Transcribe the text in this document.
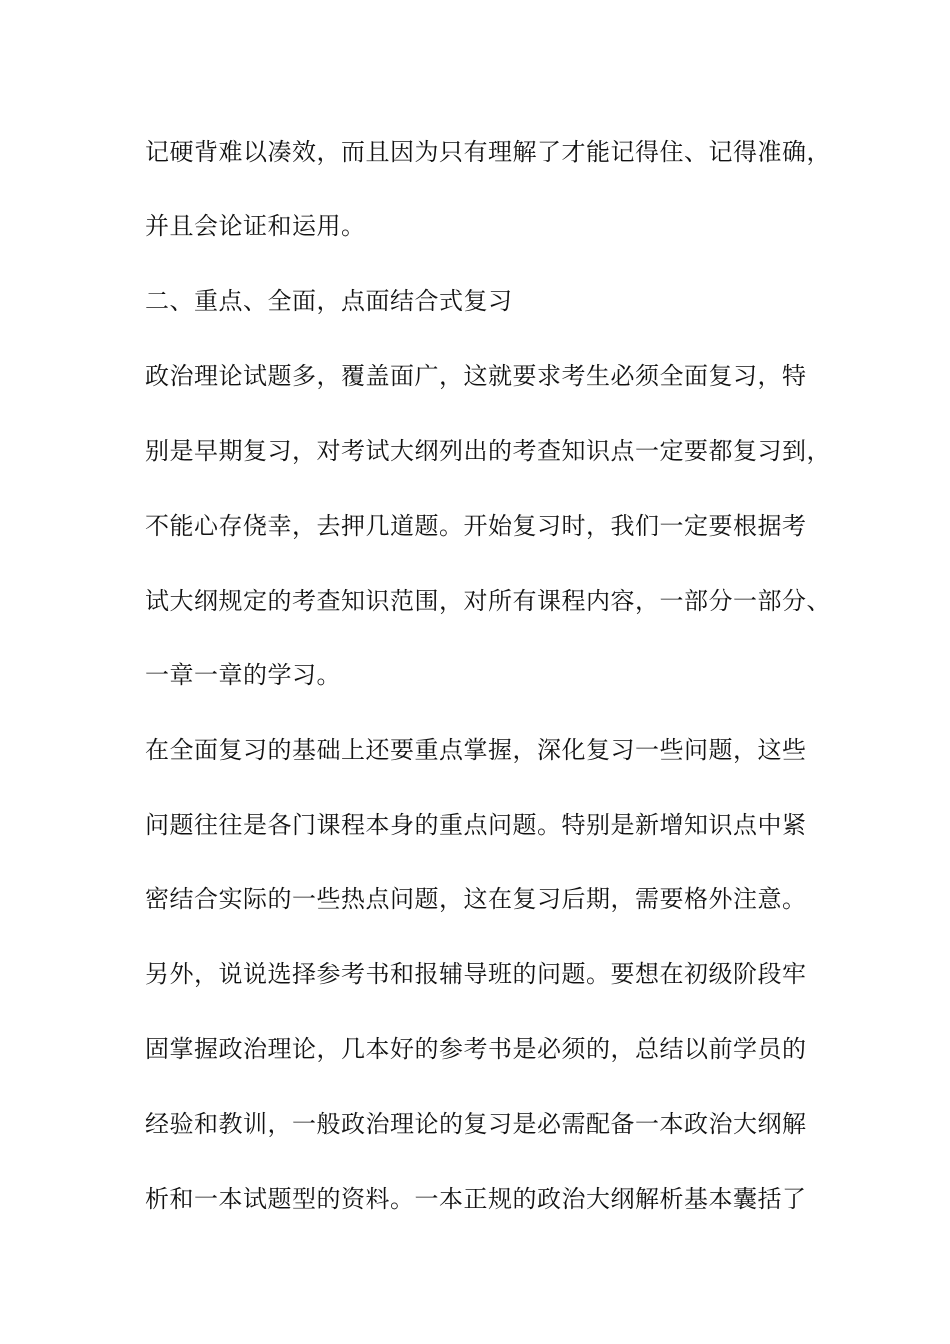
记硬背难以凑效，而且因为只有理解了才能记得住、记得准确，
并且会论证和运用。
二、重点、全面，点面结合式复习
政治理论试题多，覆盖面广，这就要求考生必须全面复习，特
别是早期复习，对考试大纲列出的考查知识点一定要都复习到，
不能心存侥幸，去押几道题。开始复习时，我们一定要根据考
试大纲规定的考查知识范围，对所有课程内容，一部分一部分、
一章一章的学习。
在全面复习的基础上还要重点掌握，深化复习一些问题，这些
问题往往是各门课程本身的重点问题。特别是新增知识点中紧
密结合实际的一些热点问题，这在复习后期，需要格外注意。
另外，说说选择参考书和报辅导班的问题。要想在初级阶段牢
固掌握政治理论，几本好的参考书是必须的，总结以前学员的
经验和教训，一般政治理论的复习是必需配备一本政治大纲解
析和一本试题型的资料。一本正规的政治大纲解析基本囊括了
